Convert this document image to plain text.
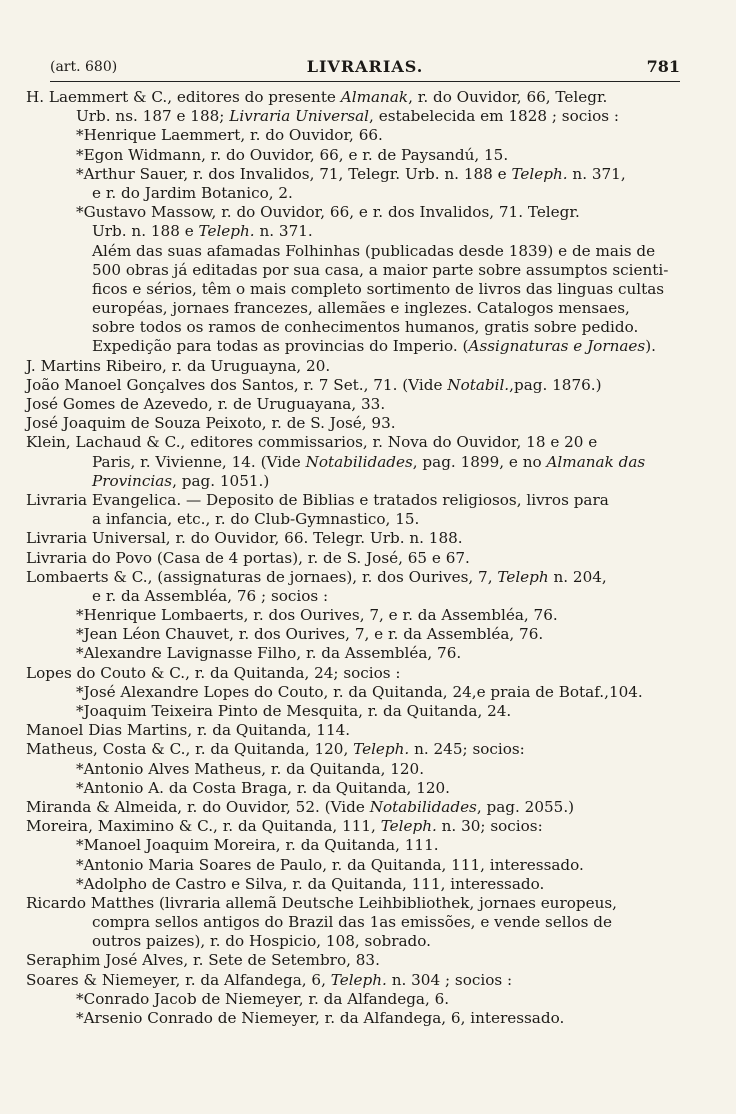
(art. 680)	LIVRARIAS.	781
H. Laemmert & C., editores do presente Almanak, r. do Ouvidor, 66, Telegr.
Urb. ns. 187 e 188; Livraria Universal, estabelecida em 1828 ; socios :
*Henrique Laemmert, r. do Ouvidor, 66.
*Egon Widmann, r. do Ouvidor, 66, e r. de Paysandú, 15.
*Arthur Sauer, r. dos Invalidos, 71, Telegr. Urb. n. 188 e Teleph. n. 371,
e r. do Jardim Botanico, 2.
*Gustavo Massow, r. do Ouvidor, 66, e r. dos Invalidos, 71. Telegr.
Urb. n. 188 e Teleph. n. 371.
Além das suas afamadas Folhinhas (publicadas desde 1839) e de mais de
500 obras já editadas por sua casa, a maior parte sobre assumptos scienti-
ficos e sérios, têm o mais completo sortimento de livros das linguas cultas
européas, jornaes francezes, allemães e inglezes. Catalogos mensaes,
sobre todos os ramos de conhecimentos humanos, gratis sobre pedido.
Expedição para todas as provincias do Imperio. (Assignaturas e Jornaes).
J. Martins Ribeiro, r. da Uruguayna, 20.
João Manoel Gonçalves dos Santos, r. 7 Set., 71. (Vide Notabil.,pag. 1876.)
José Gomes de Azevedo, r. de Uruguayana, 33.
José Joaquim de Souza Peixoto, r. de S. José, 93.
Klein, Lachaud & C., editores commissarios, r. Nova do Ouvidor, 18 e 20 e
Paris, r. Vivienne, 14. (Vide Notabilidades, pag. 1899, e no Almanak das
Provincias, pag. 1051.)
Livraria Evangelica. — Deposito de Biblias e tratados religiosos, livros para
a infancia, etc., r. do Club-Gymnastico, 15.
Livraria Universal, r. do Ouvidor, 66. Telegr. Urb. n. 188.
Livraria do Povo (Casa de 4 portas), r. de S. José, 65 e 67.
Lombaerts & C., (assignaturas de jornaes), r. dos Ourives, 7, Teleph n. 204,
e r. da Assembléa, 76 ; socios :
*Henrique Lombaerts, r. dos Ourives, 7, e r. da Assembléa, 76.
*Jean Léon Chauvet, r. dos Ourives, 7, e r. da Assembléa, 76.
*Alexandre Lavignasse Filho, r. da Assembléa, 76.
Lopes do Couto & C., r. da Quitanda, 24; socios :
*José Alexandre Lopes do Couto, r. da Quitanda, 24,e praia de Botaf.,104.
*Joaquim Teixeira Pinto de Mesquita, r. da Quitanda, 24.
Manoel Dias Martins, r. da Quitanda, 114.
Matheus, Costa & C., r. da Quitanda, 120, Teleph. n. 245; socios:
*Antonio Alves Matheus, r. da Quitanda, 120.
*Antonio A. da Costa Braga, r. da Quitanda, 120.
Miranda & Almeida, r. do Ouvidor, 52. (Vide Notabilidades, pag. 2055.)
Moreira, Maximino & C., r. da Quitanda, 111, Teleph. n. 30; socios:
*Manoel Joaquim Moreira, r. da Quitanda, 111.
*Antonio Maria Soares de Paulo, r. da Quitanda, 111, interessado.
*Adolpho de Castro e Silva, r. da Quitanda, 111, interessado.
Ricardo Matthes (livraria allemã Deutsche Leihbibliothek, jornaes europeus,
compra sellos antigos do Brazil das 1as emissões, e vende sellos de
outros paizes), r. do Hospicio, 108, sobrado.
Seraphim José Alves, r. Sete de Setembro, 83.
Soares & Niemeyer, r. da Alfandega, 6, Teleph. n. 304 ; socios :
*Conrado Jacob de Niemeyer, r. da Alfandega, 6.
*Arsenio Conrado de Niemeyer, r. da Alfandega, 6, interessado.
